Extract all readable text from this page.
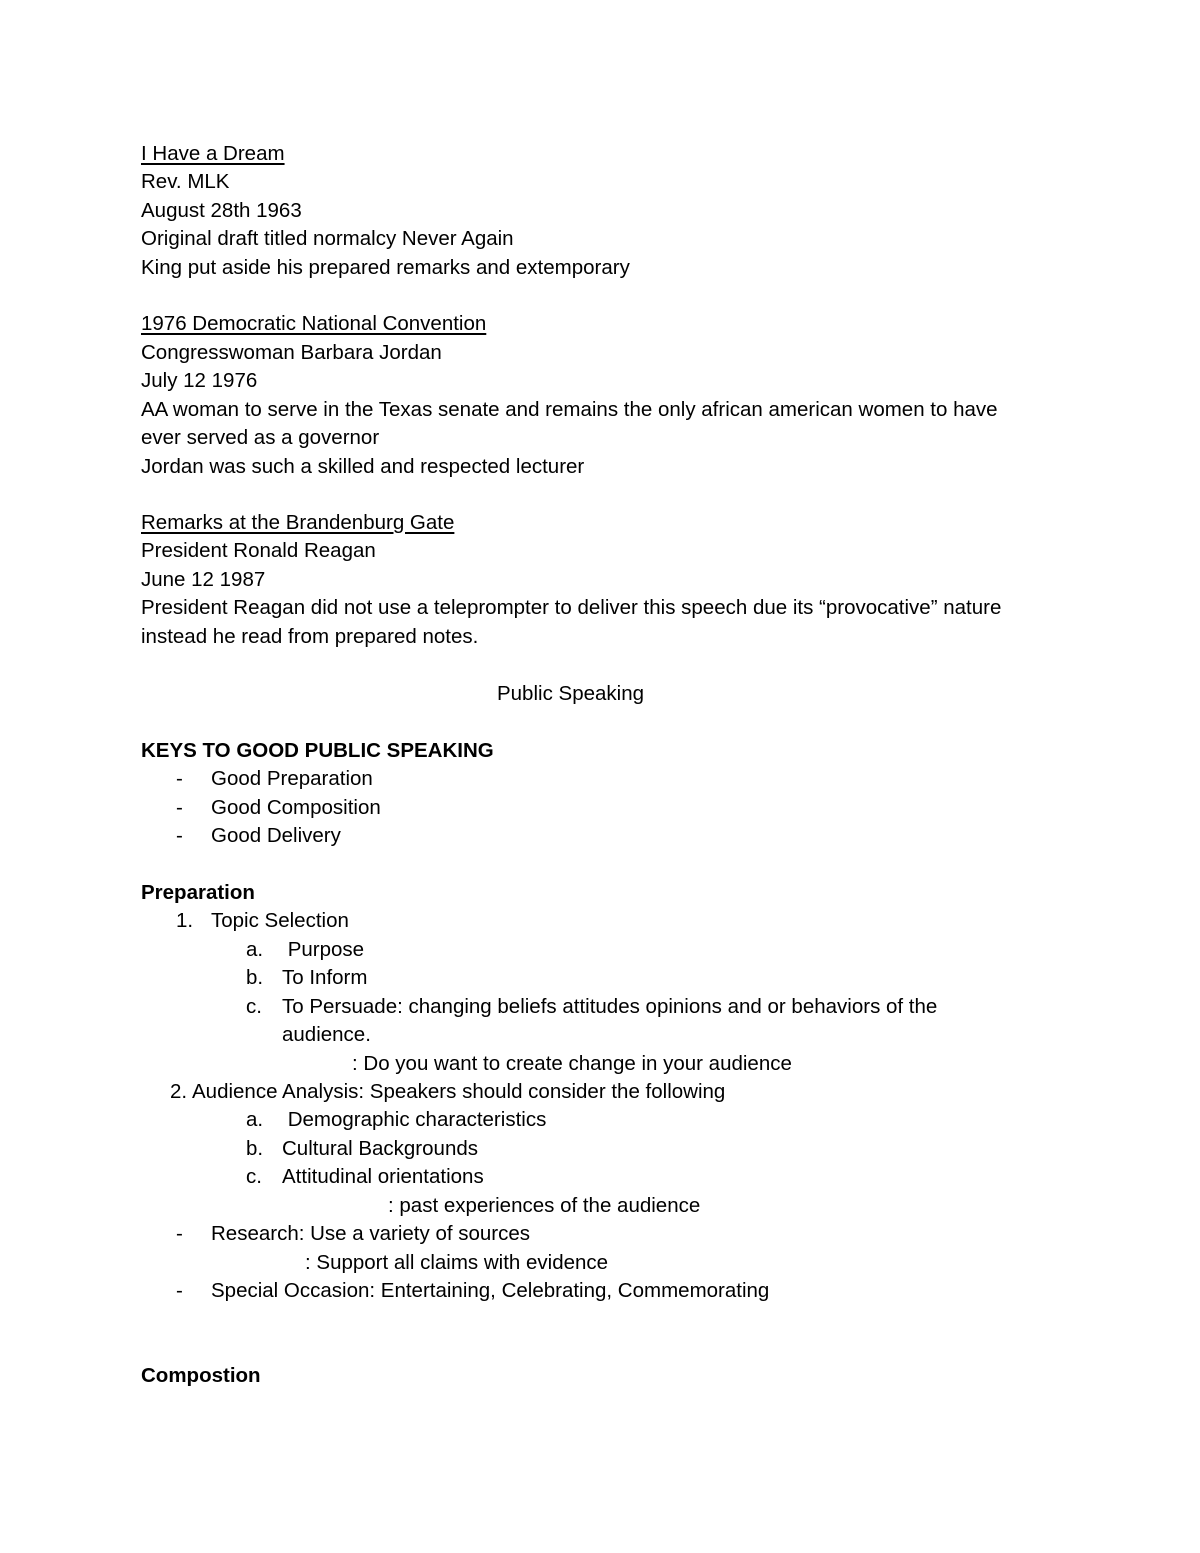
I Have a Dream
Rev. MLK
August 28th 1963
Original draft titled normalcy Never Again
King put aside his prepared remarks and extemporary
1976 Democratic National Convention
Congresswoman Barbara Jordan
July 12 1976
AA woman to serve in the Texas senate and remains the only african american women to have
ever served as a governor
Jordan was such a skilled and respected lecturer
Remarks at the Brandenburg Gate
President Ronald Reagan
June 12 1987
President Reagan did not use a teleprompter to deliver this speech due its “provocative” nature
instead he read from prepared notes.
Public Speaking
KEYS TO GOOD PUBLIC SPEAKING
- Good Preparation
- Good Composition
- Good Delivery
Preparation
1. Topic Selection
a. Purpose
b. To Inform
c. To Persuade: changing beliefs attitudes opinions and or behaviors of the
audience.
: Do you want to create change in your audience
2. Audience Analysis: Speakers should consider the following
a. Demographic characteristics
b. Cultural Backgrounds
c. Attitudinal orientations
: past experiences of the audience
- Research: Use a variety of sources
: Support all claims with evidence
- Special Occasion: Entertaining, Celebrating, Commemorating
Compostion
